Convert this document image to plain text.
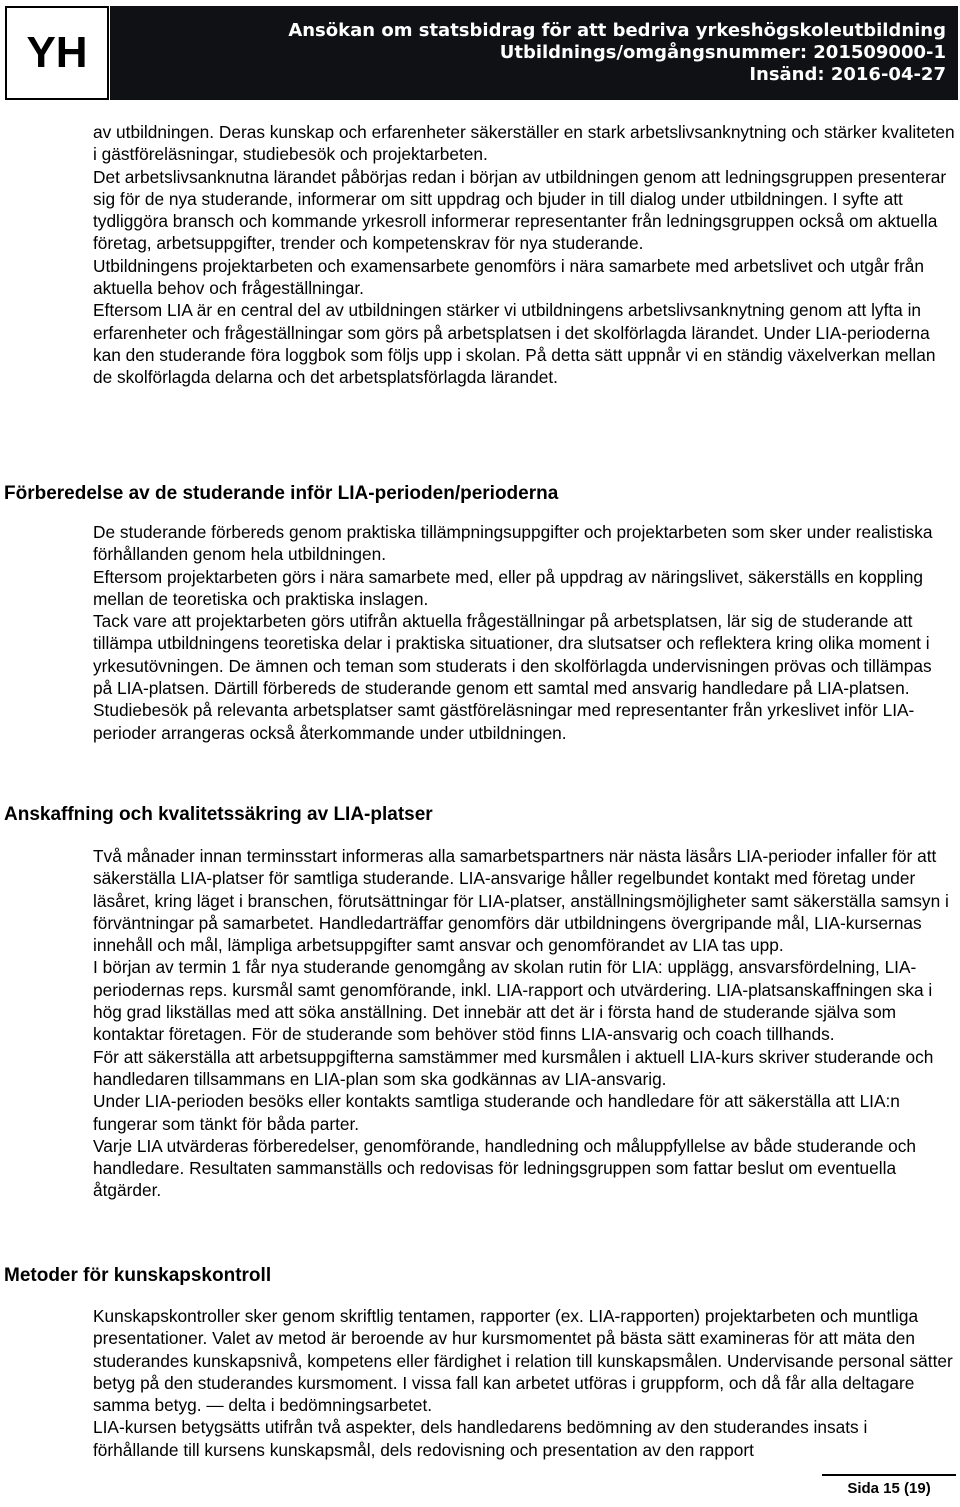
YH	Ansökan om statsbidrag för att bedriva yrkeshögskoleutbildning
Utbildnings/omgångsnummer: 201509000-1
Insänd: 2016-04-27

av utbildningen. Deras kunskap och erfarenheter säkerställer en stark arbetslivsanknytning och stärker kvaliteten i gästföreläsningar, studiebesök och projektarbeten.

Det arbetslivsanknutna lärandet påbörjas redan i början av utbildningen genom att ledningsgruppen presenterar sig för de nya studerande, informerar om sitt uppdrag och bjuder in till dialog under utbildningen. I syfte att tydliggöra bransch och kommande yrkesroll informerar representanter från ledningsgruppen också om aktuella företag, arbetsuppgifter, trender och kompetenskrav för nya studerande.

Utbildningens projektarbeten och examensarbete genomförs i nära samarbete med arbetslivet och utgår från aktuella behov och frågeställningar.

Eftersom LIA är en central del av utbildningen stärker vi utbildningens arbetslivsanknytning genom att lyfta in erfarenheter och frågeställningar som görs på arbetsplatsen i det skolförlagda lärandet. Under LIA-perioderna kan den studerande föra loggbok som följs upp i skolan. På detta sätt uppnår vi en ständig växelverkan mellan de skolförlagda delarna och det arbetsplatsförlagda lärandet.

Förberedelse av de studerande inför LIA-perioden/perioderna

De studerande förbereds genom praktiska tillämpningsuppgifter och projektarbeten som sker under realistiska förhållanden genom hela utbildningen.

Eftersom projektarbeten görs i nära samarbete med, eller på uppdrag av näringslivet, säkerställs en koppling mellan de teoretiska och praktiska inslagen.

Tack vare att projektarbeten görs utifrån aktuella frågeställningar på arbetsplatsen, lär sig de studerande att tillämpa utbildningens teoretiska delar i praktiska situationer, dra slutsatser och reflektera kring olika moment i yrkesutövningen. De ämnen och teman som studerats i den skolförlagda undervisningen prövas och tillämpas på LIA-platsen. Därtill förbereds de studerande genom ett samtal med ansvarig handledare på LIA-platsen. Studiebesök på relevanta arbetsplatser samt gästföreläsningar med representanter från yrkeslivet inför LIA-perioder arrangeras också återkommande under utbildningen.

Anskaffning och kvalitetssäkring av LIA-platser

Två månader innan terminsstart informeras alla samarbetspartners när nästa läsårs LIA-perioder infaller för att säkerställa LIA-platser för samtliga studerande. LIA-ansvarige håller regelbundet kontakt med företag under läsåret, kring läget i branschen, förutsättningar för LIA-platser, anställningsmöjligheter samt säkerställa samsyn i förväntningar på samarbetet. Handledarträffar genomförs där utbildningens övergripande mål, LIA-kursernas innehåll och mål, lämpliga arbetsuppgifter samt ansvar och genomförandet av LIA tas upp.

I början av termin 1 får nya studerande genomgång av skolan rutin för LIA: upplägg, ansvarsfördelning, LIA-periodernas reps. kursmål samt genomförande, inkl. LIA-rapport och utvärdering. LIA-platsanskaffningen ska i hög grad likställas med att söka anställning. Det innebär att det är i första hand de studerande själva som kontaktar företagen. För de studerande som behöver stöd finns LIA-ansvarig och coach tillhands.

För att säkerställa att arbetsuppgifterna samstämmer med kursmålen i aktuell LIA-kurs skriver studerande och handledaren tillsammans en LIA-plan som ska godkännas av LIA-ansvarig.

Under LIA-perioden besöks eller kontakts samtliga studerande och handledare för att säkerställa att LIA:n fungerar som tänkt för båda parter.

Varje LIA utvärderas förberedelser, genomförande, handledning och måluppfyllelse av både studerande och handledare. Resultaten sammanställs och redovisas för ledningsgruppen som fattar beslut om eventuella åtgärder.

Metoder för kunskapskontroll

Kunskapskontroller sker genom skriftlig tentamen, rapporter (ex. LIA-rapporten) projektarbeten och muntliga presentationer. Valet av metod är beroende av hur kursmomentet på bästa sätt examineras för att mäta den studerandes kunskapsnivå, kompetens eller färdighet i relation till kunskapsmålen. Undervisande personal sätter betyg på den studerandes kursmoment. I vissa fall kan arbetet utföras i gruppform, och då får alla deltagare samma betyg. — delta i bedömningsarbetet.

LIA-kursen betygsätts utifrån två aspekter, dels handledarens bedömning av den studerandes insats i förhållande till kursens kunskapsmål, dels redovisning och presentation av den rapport

Sida 15 (19)
